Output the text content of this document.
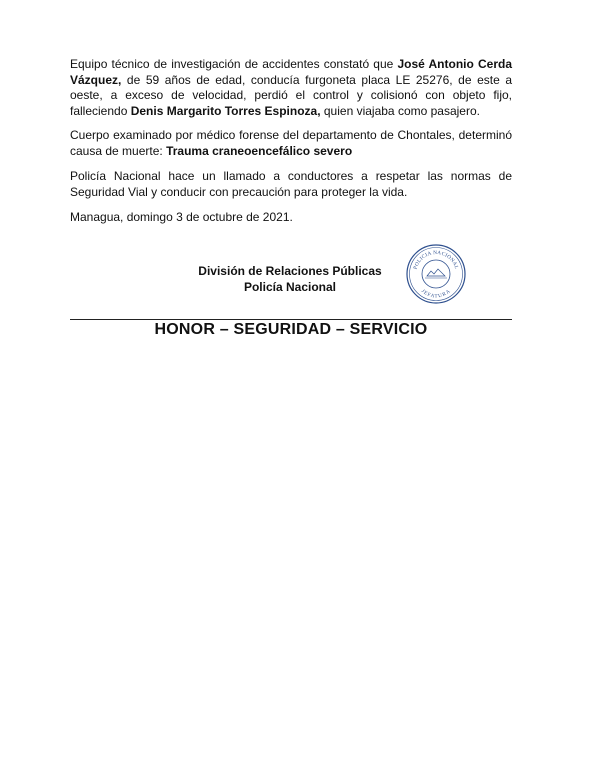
Equipo técnico de investigación de accidentes constató que José Antonio Cerda Vázquez, de 59 años de edad, conducía furgoneta placa LE 25276, de este a oeste, a exceso de velocidad, perdió el control y colisionó con objeto fijo, falleciendo Denis Margarito Torres Espinoza, quien viajaba como pasajero.

Cuerpo examinado por médico forense del departamento de Chontales, determinó causa de muerte: Trauma craneoencefálico severo

Policía Nacional hace un llamado a conductores a respetar las normas de Seguridad Vial y conducir con precaución para proteger la vida.

Managua, domingo 3 de octubre de 2021.

División de Relaciones Públicas
Policía Nacional
POLICIA NACIONAL
JEFATURA
HONOR – SEGURIDAD – SERVICIO
